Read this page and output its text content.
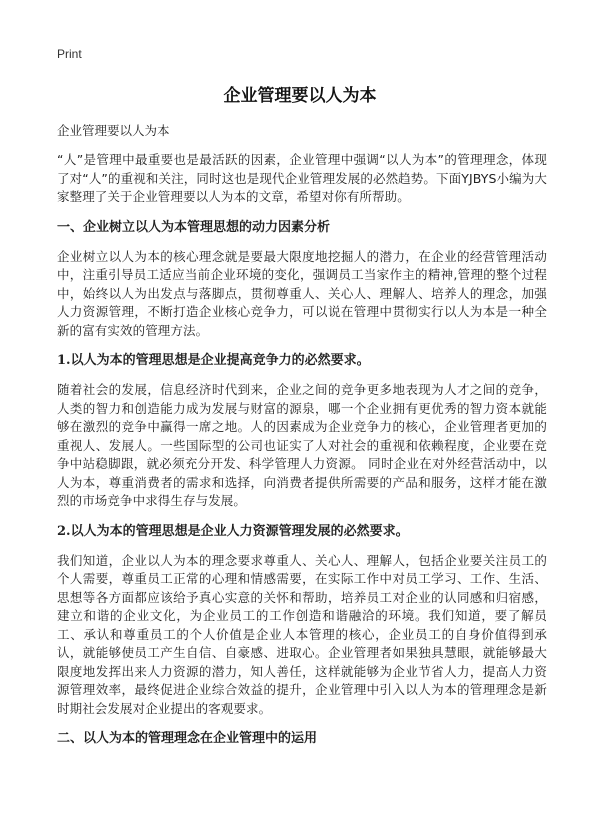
Print
企业管理要以人为本

企业管理要以人为本

“人”是管理中最重要也是最活跃的因素，企业管理中强调“以人为本”的管理理念，体现了对“人”的重视和关注，同时这也是现代企业管理发展的必然趋势。下面YJBYS小编为大家整理了关于企业管理要以人为本的文章，希望对你有所帮助。

一、企业树立以人为本管理思想的动力因素分析

企业树立以人为本的核心理念就是要最大限度地挖掘人的潜力，在企业的经营管理活动中，注重引导员工适应当前企业环境的变化，强调员工当家作主的精神,管理的整个过程中，始终以人为出发点与落脚点，贯彻尊重人、关心人、理解人、培养人的理念，加强人力资源管理，不断打造企业核心竞争力，可以说在管理中贯彻实行以人为本是一种全新的富有实效的管理方法。

1.以人为本的管理思想是企业提高竞争力的必然要求。

随着社会的发展，信息经济时代到来，企业之间的竞争更多地表现为人才之间的竞争，人类的智力和创造能力成为发展与财富的源泉，哪一个企业拥有更优秀的智力资本就能够在激烈的竞争中赢得一席之地。人的因素成为企业竞争力的核心，企业管理者更加的重视人、发展人。一些国际型的公司也证实了人对社会的重视和依赖程度，企业要在竞争中站稳脚跟，就必须充分开发、科学管理人力资源。 同时企业在对外经营活动中，以人为本，尊重消费者的需求和选择，向消费者提供所需要的产品和服务，这样才能在激烈的市场竞争中求得生存与发展。

2.以人为本的管理思想是企业人力资源管理发展的必然要求。

我们知道，企业以人为本的理念要求尊重人、关心人、理解人，包括企业要关注员工的个人需要，尊重员工正常的心理和情感需要，在实际工作中对员工学习、工作、生活、思想等各方面都应该给予真心实意的关怀和帮助，培养员工对企业的认同感和归宿感，建立和谐的企业文化，为企业员工的工作创造和谐融洽的环境。我们知道，要了解员工、承认和尊重员工的个人价值是企业人本管理的核心，企业员工的自身价值得到承认，就能够使员工产生自信、自豪感、进取心。企业管理者如果独具慧眼，就能够最大限度地发挥出来人力资源的潜力，知人善任，这样就能够为企业节省人力，提高人力资源管理效率，最终促进企业综合效益的提升，企业管理中引入以人为本的管理理念是新时期社会发展对企业提出的客观要求。

二、以人为本的管理理念在企业管理中的运用
